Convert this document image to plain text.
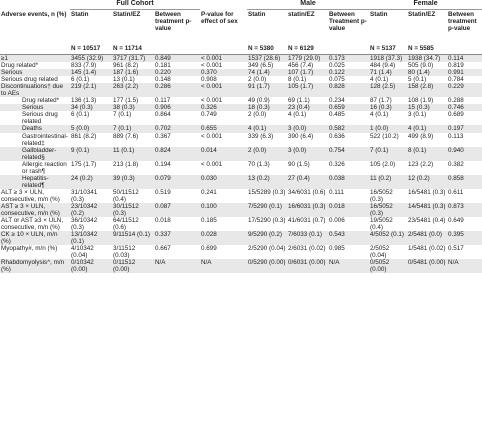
	Full Cohort				Male			Female		
Adverse events, n (%)	Statin	Statin/EZ	Between treatment p-value	P-value for effect of sex	Statin	statin/EZ	Between Treatment p-value	Statin	Statin/EZ	Between treatment p-value
	N = 10517	N = 11714			N = 5380	N = 6129		N = 5137	N = 5585	
≥1	3455 (32.9)	3717 (31.7)	0.849	< 0.001	1537 (28.6)	1779 (29.0)	0.173	1918 (37.3)	1938 (34.7)	0.114
Drug related*	833 (7.9)	961 (8.2)	0.181	< 0.001	349 (6.5)	456 (7.4)	0.025	484 (9.4)	505 (9.0)	0.819
Serious	145 (1.4)	187 (1.6)	0.220	0.370	74 (1.4)	107 (1.7)	0.122	71 (1.4)	80 (1.4)	0.991
Serious drug related	6 (0.1)	13 (0.1)	0.148	0.908	2 (0.0)	8 (0.1)	0.075	4 (0.1)	5 (0.1)	0.784
Discontinuations† due to AEs	219 (2.1)	263 (2.2)	0.286	< 0.001	91 (1.7)	105 (1.7)	0.828	128 (2.5)	158 (2.8)	0.229
Drug related*	136 (1.3)	177 (1.5)	0.117	< 0.001	49 (0.9)	69 (1.1)	0.234	87 (1.7)	108 (1.9)	0.288
Serious	34 (0.3)	38 (0.3)	0.906	0.326	18 (0.3)	23 (0.4)	0.659	16 (0.3)	15 (0.3)	0.746
Serious drug related	6 (0.1)	7 (0.1)	0.864	0.749	2 (0.0)	4 (0.1)	0.485	4 (0.1)	3 (0.1)	0.689
Deaths	5 (0.0)	7 (0.1)	0.702	0.655	4 (0.1)	3 (0.0)	0.582	1 (0.0)	4 (0.1)	0.197
Gastrointestinal-related‡	861 (8.2)	889 (7.6)	0.367	< 0.001	339 (6.3)	390 (6.4)	0.636	522 (10.2)	499 (8.9)	0.113
Gallbladder-related§	9 (0.1)	11 (0.1)	0.824	0.014	2 (0.0)	3 (0.0)	0.754	7 (0.1)	8 (0.1)	0.940
Allergic reaction or rash¶	175 (1.7)	213 (1.8)	0.194	< 0.001	70 (1.3)	90 (1.5)	0.326	105 (2.0)	123 (2.2)	0.382
Hepatitis-related¶	24 (0.2)	39 (0.3)	0.079	0.030	13 (0.2)	27 (0.4)	0.038	11 (0.2)	12 (0.2)	0.858
ALT ≥ 3 × ULN, consecutive, m/n (%)	31/10341 (0.3)	50/11512 (0.4)	0.519	0.241	15/5289 (0.3)	34/6031 (0.6)	0.111	16/5052 (0.3)	16/5481 (0.3)	0.611
AST ≥ 3 × ULN, consecutive, m/n (%)	23/10342 (0.2)	30/11512 (0.3)	0.087	0.100	7/5290 (0.1)	16/6031 (0.3)	0.018	16/5052 (0.3)	14/5481 (0.3)	0.873
ALT or AST ≥3 × ULN, consecutive, m/n (%)	36/10342 (0.3)	64/11512 (0.6)	0.018	0.185	17/5290 (0.3)	41/6031 (0.7)	0.006	19/5052 (0.4)	23/5481 (0.4)	0.649
CK ≥ 10 × ULN, m/n (%)	13/10342 (0.1)	9/11514 (0.1)	0.337	0.028	9/5290 (0.2)	7/6033 (0.1)	0.543	4/5052 (0.1)	2/5481 (0.0)	0.395
Myopathy#, m/n (%)	4/10342 (0.04)	3/11512 (0.03)	0.667	0.699	2/5290 (0.04)	2/6031 (0.02)	0.985	2/5052 (0.04)	1/5481 (0.02)	0.517
Rhabdomyolysis^, m/n (%)	0/10342 (0.00)	0/11512 (0.00)	N/A	N/A	0/5290 (0.00)	0/6031 (0.00)	N/A	0/5052 (0.00)	0/5481 (0.00)	N/A
